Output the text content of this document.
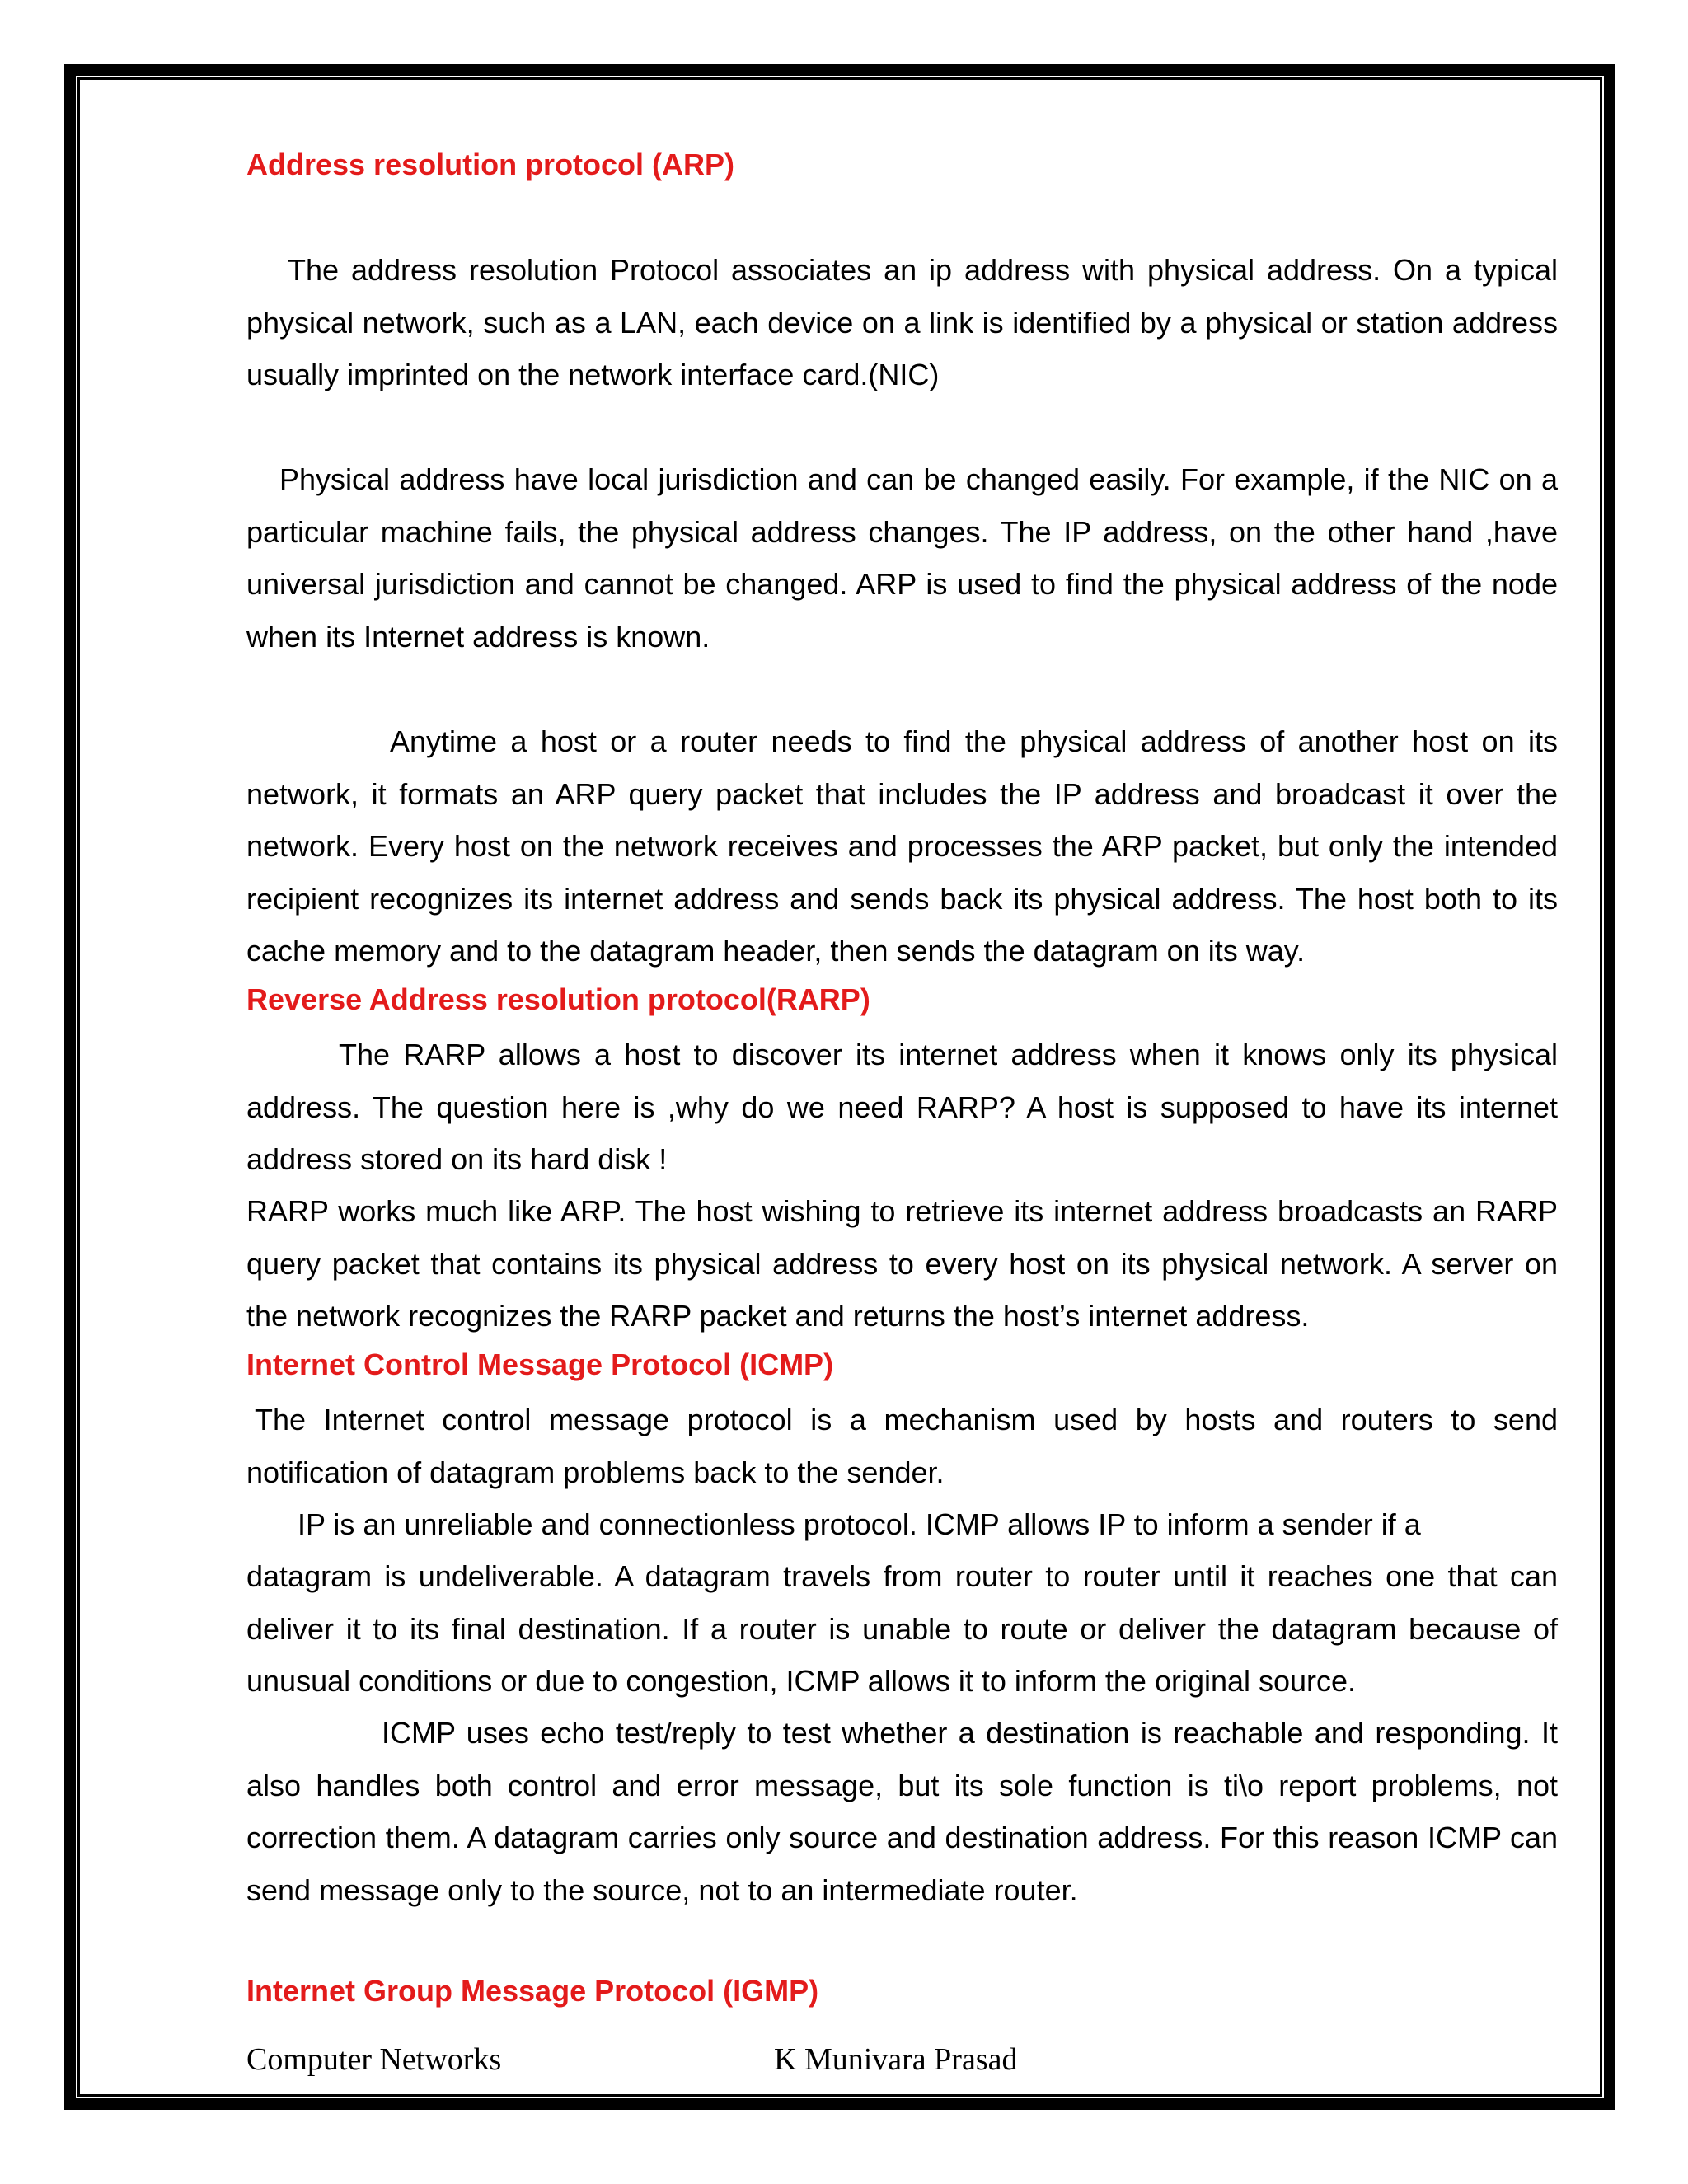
Address resolution protocol (ARP)

The address resolution Protocol associates an ip address with physical address. On a typical physical network, such as a LAN, each device on a link is identified by a physical or station address usually imprinted on the network interface card.(NIC)

Physical address have local jurisdiction and can be changed easily. For example, if the NIC on a particular machine fails, the physical address changes. The IP address, on the other hand ,have universal jurisdiction and cannot be changed. ARP is used to find the physical address of the node when its Internet address is known.

Anytime a host or a router needs to find the physical address of another host on its network, it formats an ARP query packet that includes the IP address and broadcast it over the network. Every host on the network receives and processes the ARP packet, but only the intended recipient recognizes its internet address and sends back its physical address. The host both to its cache memory and to the datagram header, then sends the datagram on its way.

Reverse Address resolution protocol(RARP)

The RARP allows a host to discover its internet address when it knows only its physical address. The question here is ,why do we need RARP? A host is supposed to have its internet address stored on its hard disk !

RARP works much like ARP. The host wishing to retrieve its internet address broadcasts an RARP query packet that contains its physical address to every host on its physical network. A server on the network recognizes the RARP packet and returns the host’s internet address.

Internet Control Message Protocol (ICMP)

The Internet control message protocol is a mechanism used by hosts and routers to send notification of datagram problems back to the sender.

IP is an unreliable and connectionless protocol. ICMP allows IP to inform a sender if a

datagram is undeliverable. A datagram travels from router to router until it reaches one that can deliver it to its final destination. If a router is unable to route or deliver the datagram because of unusual conditions or due to congestion, ICMP allows it to inform the original source.

ICMP uses echo test/reply to test whether a destination is reachable and responding. It also handles both control and error message, but its sole function is ti\o report problems, not correction them. A datagram carries only source and destination address. For this reason ICMP can send message only to the source, not to an intermediate router.

Internet Group Message Protocol (IGMP)
Computer Networks	K Munivara Prasad
